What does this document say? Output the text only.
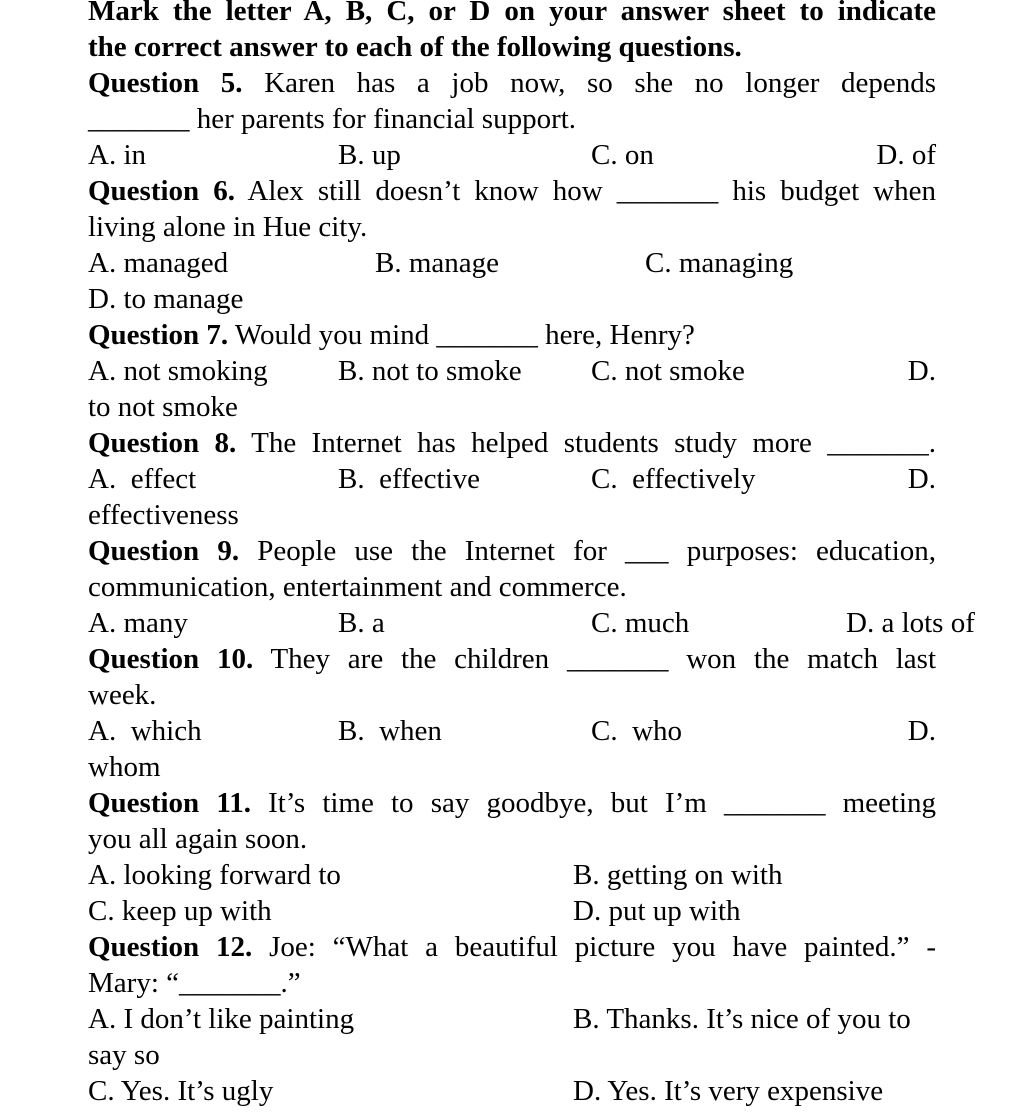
Mark the letter A, B, C, or D on your answer sheet to indicate

the correct answer to each of the following questions.

Question 5. Karen has a job now, so she no longer depends

_______ her parents for financial support.

A. in	B. up	C. on	D. of

Question 6. Alex still doesn’t know how _______ his budget when

living alone in Hue city.

A. managed	B. manage	C. managing

D. to manage

Question 7. Would you mind _______ here, Henry?

A. not smoking	B. not to smoke	C. not smoke	D.

to not smoke

Question 8. The Internet has helped students study more _______.

A.  effect	B.  effective	C.  effectively	D.

effectiveness

Question 9. People use the Internet for ___ purposes: education,

communication, entertainment and commerce.

A. many	B. a	C. much	D. a lots of

Question 10. They are the children _______ won the match last

week.

A.  which	B.  when	C.  who	D.

whom

Question 11. It’s time to say goodbye, but I’m _______ meeting

you all again soon.

A. looking forward to	B. getting on with
C. keep up with	D. put up with

Question 12. Joe: “What a beautiful picture you have painted.” -

Mary: “_______.”

A. I don’t like painting	B. Thanks. It’s nice of you to

say so

C. Yes. It’s ugly	D. Yes. It’s very expensive
